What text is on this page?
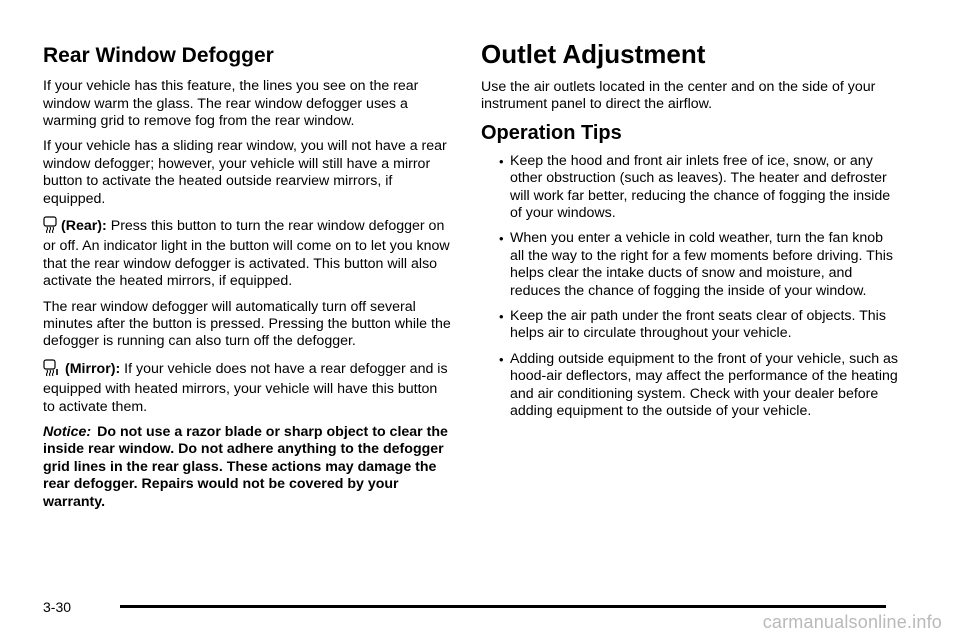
Rear Window Defogger

If your vehicle has this feature, the lines you see on the rear window warm the glass. The rear window defogger uses a warming grid to remove fog from the rear window.

If your vehicle has a sliding rear window, you will not have a rear window defogger; however, your vehicle will still have a mirror button to activate the heated outside rearview mirrors, if equipped.

(Rear): Press this button to turn the rear window defogger on or off. An indicator light in the button will come on to let you know that the rear window defogger is activated. This button will also activate the heated mirrors, if equipped.

The rear window defogger will automatically turn off several minutes after the button is pressed. Pressing the button while the defogger is running can also turn off the defogger.

(Mirror): If your vehicle does not have a rear defogger and is equipped with heated mirrors, your vehicle will have this button to activate them.

Notice: Do not use a razor blade or sharp object to clear the inside rear window. Do not adhere anything to the defogger grid lines in the rear glass. These actions may damage the rear defogger. Repairs would not be covered by your warranty.

Outlet Adjustment

Use the air outlets located in the center and on the side of your instrument panel to direct the airflow.

Operation Tips
• Keep the hood and front air inlets free of ice, snow, or any other obstruction (such as leaves). The heater and defroster will work far better, reducing the chance of fogging the inside of your windows.
• When you enter a vehicle in cold weather, turn the fan knob all the way to the right for a few moments before driving. This helps clear the intake ducts of snow and moisture, and reduces the chance of fogging the inside of your window.
• Keep the air path under the front seats clear of objects. This helps air to circulate throughout your vehicle.
• Adding outside equipment to the front of your vehicle, such as hood-air deflectors, may affect the performance of the heating and air conditioning system. Check with your dealer before adding equipment to the outside of your vehicle.
3-30
carmanualsonline.info
